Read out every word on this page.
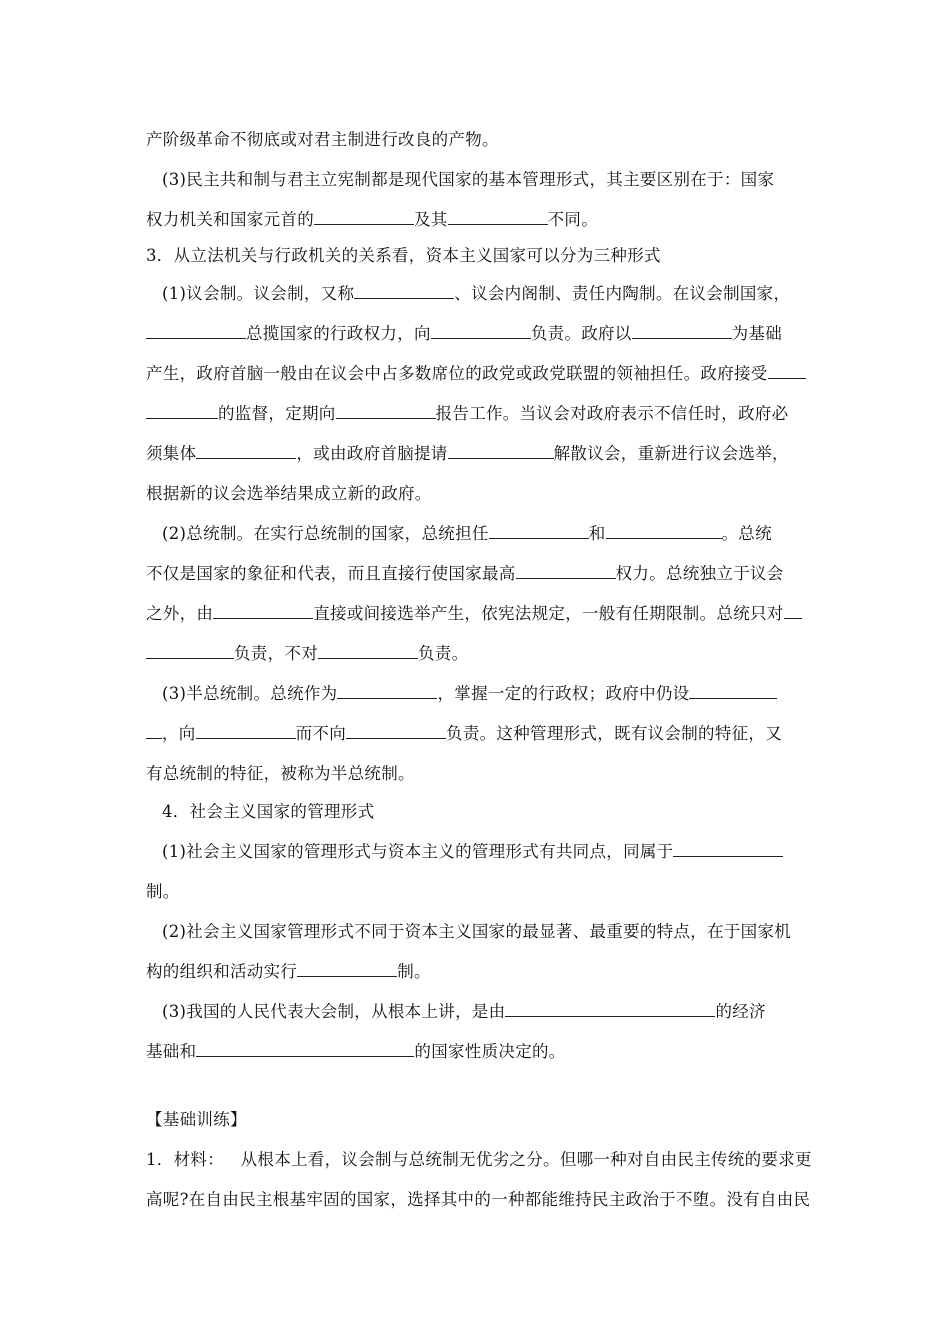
产阶级革命不彻底或对君主制进行改良的产物。
(3)民主共和制与君主立宪制都是现代国家的基本管理形式，其主要区别在于：国家
权力机关和国家元首的	及其	不同。
3．从立法机关与行政机关的关系看，资本主义国家可以分为三种形式
(1)议会制。议会制，又称	、议会内阁制、责任内陶制。在议会制国家，
总揽国家的行政权力，向	负责。政府以	为基础
产生，政府首脑一般由在议会中占多数席位的政党或政党联盟的领袖担任。政府接受
的监督，定期向	报告工作。当议会对政府表示不信任时，政府必
须集体	，或由政府首脑提请	解散议会，重新进行议会选举，
根据新的议会选举结果成立新的政府。
(2)总统制。在实行总统制的国家，总统担任	和	。总统
不仅是国家的象征和代表，而且直接行使国家最高	权力。总统独立于议会
之外，由	直接或间接选举产生，依宪法规定，一般有任期限制。总统只对
负责，不对	负责。
(3)半总统制。总统作为	，掌握一定的行政权；政府中仍设
，向	而不向	负责。这种管理形式，既有议会制的特征，又
有总统制的特征，被称为半总统制。
4．社会主义国家的管理形式
(1)社会主义国家的管理形式与资本主义的管理形式有共同点，同属于
制。
(2)社会主义国家管理形式不同于资本主义国家的最显著、最重要的特点，在于国家机
构的组织和活动实行	制。
(3)我国的人民代表大会制，从根本上讲，是由	的经济
基础和	的国家性质决定的。
【基础训练】
1．材料：   从根本上看，议会制与总统制无优劣之分。但哪一种对自由民主传统的要求更
高呢?在自由民主根基牢固的国家，选择其中的一种都能维持民主政治于不堕。没有自由民
